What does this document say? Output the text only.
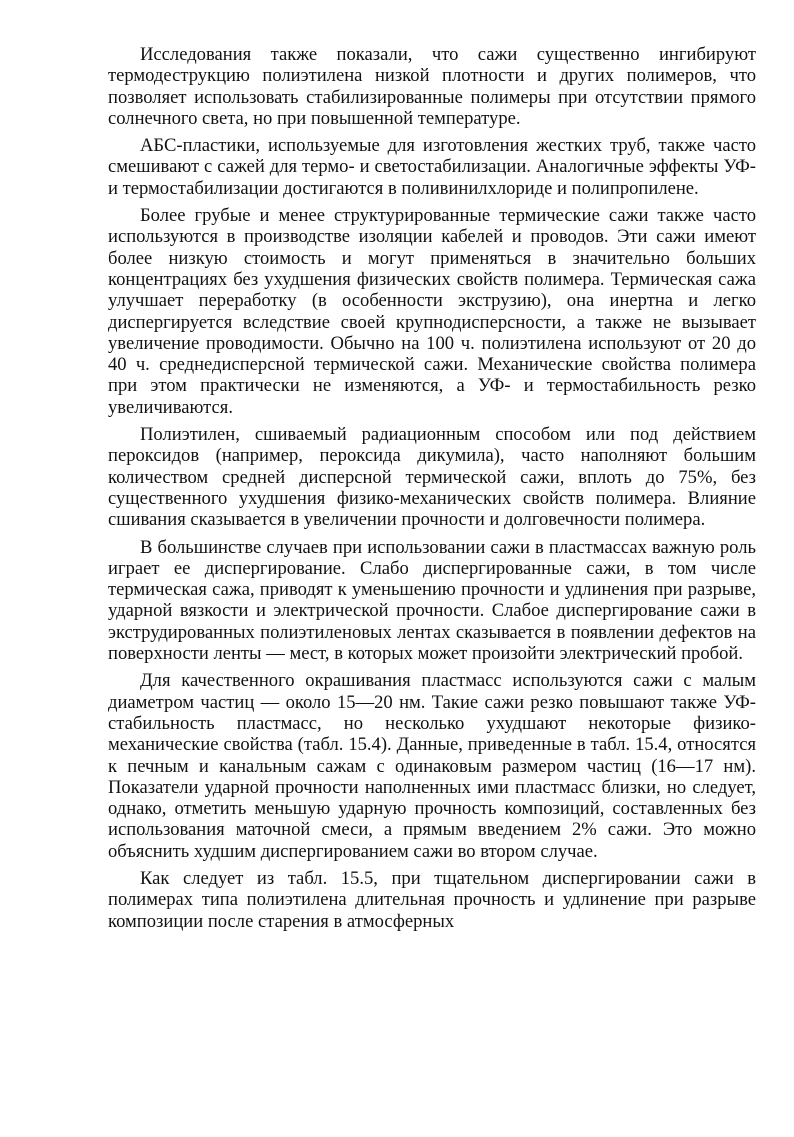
Исследования также показали, что сажи существенно ингибируют термодеструкцию полиэтилена низкой плотности и других полимеров, что позволяет использовать стабилизированные полимеры при отсутствии прямого солнечного света, но при повышенной температуре.

АБС-пластики, используемые для изготовления жестких труб, также часто смешивают с сажей для термо- и светостабилизации. Аналогичные эффекты УФ- и термостабилизации достигаются в поливинилхлориде и полипропилене.

Более грубые и менее структурированные термические сажи также часто используются в производстве изоляции кабелей и проводов. Эти сажи имеют более низкую стоимость и могут применяться в значительно больших концентрациях без ухудшения физических свойств полимера. Термическая сажа улучшает переработку (в особенности экструзию), она инертна и легко диспергируется вследствие своей крупнодисперсности, а также не вызывает увеличение проводимости. Обычно на 100 ч. полиэтилена используют от 20 до 40 ч. среднедисперсной термической сажи. Механические свойства полимера при этом практически не изменяются, а УФ- и термостабильность резко увеличиваются.

Полиэтилен, сшиваемый радиационным способом или под действием пероксидов (например, пероксида дикумила), часто наполняют большим количеством средней дисперсной термической сажи, вплоть до 75%, без существенного ухудшения физико-механических свойств полимера. Влияние сшивания сказывается в увеличении прочности и долговечности полимера.

В большинстве случаев при использовании сажи в пластмассах важную роль играет ее диспергирование. Слабо диспергированные сажи, в том числе термическая сажа, приводят к уменьшению прочности и удлинения при разрыве, ударной вязкости и электрической прочности. Слабое диспергирование сажи в экструдированных полиэтиленовых лентах сказывается в появлении дефектов на поверхности ленты — мест, в которых может произойти электрический пробой.

Для качественного окрашивания пластмасс используются сажи с малым диаметром частиц — около 15—20 нм. Такие сажи резко повышают также УФ-стабильность пластмасс, но несколько ухудшают некоторые физико-механические свойства (табл. 15.4). Данные, приведенные в табл. 15.4, относятся к печным и канальным сажам с одинаковым размером частиц (16—17 нм). Показатели ударной прочности наполненных ими пластмасс близки, но следует, однако, отметить меньшую ударную прочность композиций, составленных без использования маточной смеси, а прямым введением 2% сажи. Это можно объяснить худшим диспергированием сажи во втором случае.

Как следует из табл. 15.5, при тщательном диспергировании сажи в полимерах типа полиэтилена длительная прочность и удлинение при разрыве композиции после старения в атмосферных
